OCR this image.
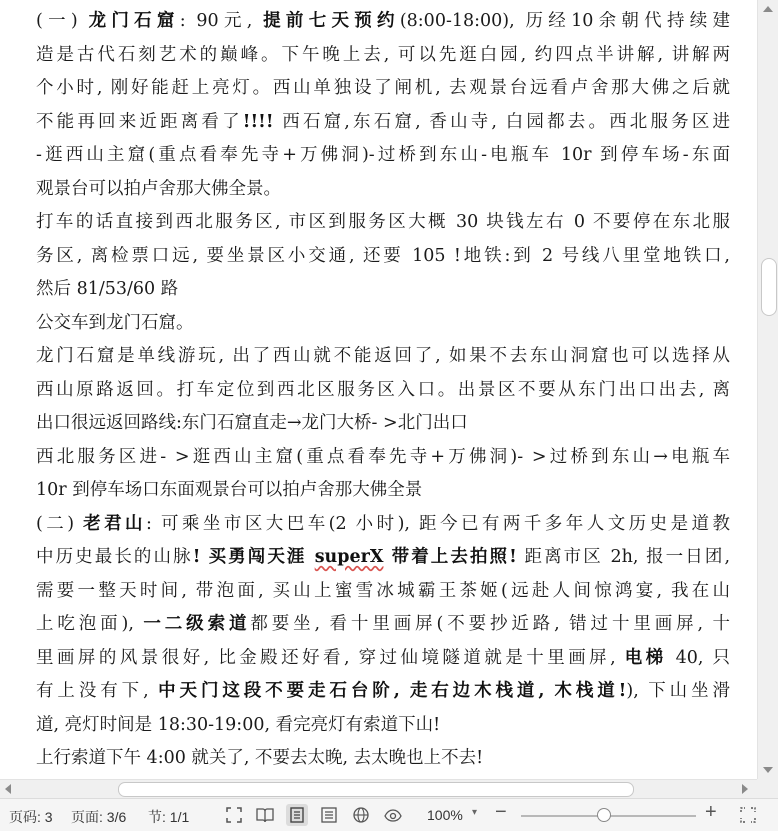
(一) 龙门石窟: 90元, 提前七天预约(8:00-18:00), 历经10余朝代持续建
造是古代石刻艺术的巅峰。下午晚上去, 可以先逛白园, 约四点半讲解, 讲解两
个小时, 刚好能赶上亮灯。西山单独设了闸机, 去观景台远看卢舍那大佛之后就
不能再回来近距离看了!!!! 西石窟,东石窟, 香山寺, 白园都去。西北服务区进
-逛西山主窟(重点看奉先寺+万佛洞)-过桥到东山-电瓶车 10r 到停车场-东面
观景台可以拍卢舍那大佛全景。
打车的话直接到西北服务区, 市区到服务区大概 30 块钱左右 0 不要停在东北服
务区, 离检票口远, 要坐景区小交通, 还要 105 !地铁:到 2 号线八里堂地铁口,
然后 81/53/60 路
公交车到龙门石窟。
龙门石窟是单线游玩, 出了西山就不能返回了, 如果不去东山洞窟也可以选择从
西山原路返回。打车定位到西北区服务区入口。出景区不要从东门出口出去, 离
出口很远返回路线:东门石窟直走→龙门大桥- >北门出口
西北服务区进- >逛西山主窟(重点看奉先寺+万佛洞)- >过桥到东山→电瓶车
10r 到停车场口东面观景台可以拍卢舍那大佛全景
(二) 老君山: 可乘坐市区大巴车(2 小时), 距今已有两千多年人文历史是道教
中历史最长的山脉! 买勇闯天涯 superX 带着上去拍照! 距离市区 2h, 报一日团,
需要一整天时间, 带泡面, 买山上蜜雪冰城霸王茶姬(远赴人间惊鸿宴, 我在山
上吃泡面), 一二级索道都要坐, 看十里画屏(不要抄近路, 错过十里画屏, 十
里画屏的风景很好, 比金殿还好看, 穿过仙境隧道就是十里画屏, 电梯 40, 只
有上没有下, 中天门这段不要走石台阶, 走右边木栈道, 木栈道!), 下山坐滑
道, 亮灯时间是 18:30-19:00, 看完亮灯有索道下山!
上行索道下午 4:00 就关了, 不要去太晚, 去太晚也上不去!
页码: 3 页面: 3/6 节: 1/1	100% ▾ −	+
